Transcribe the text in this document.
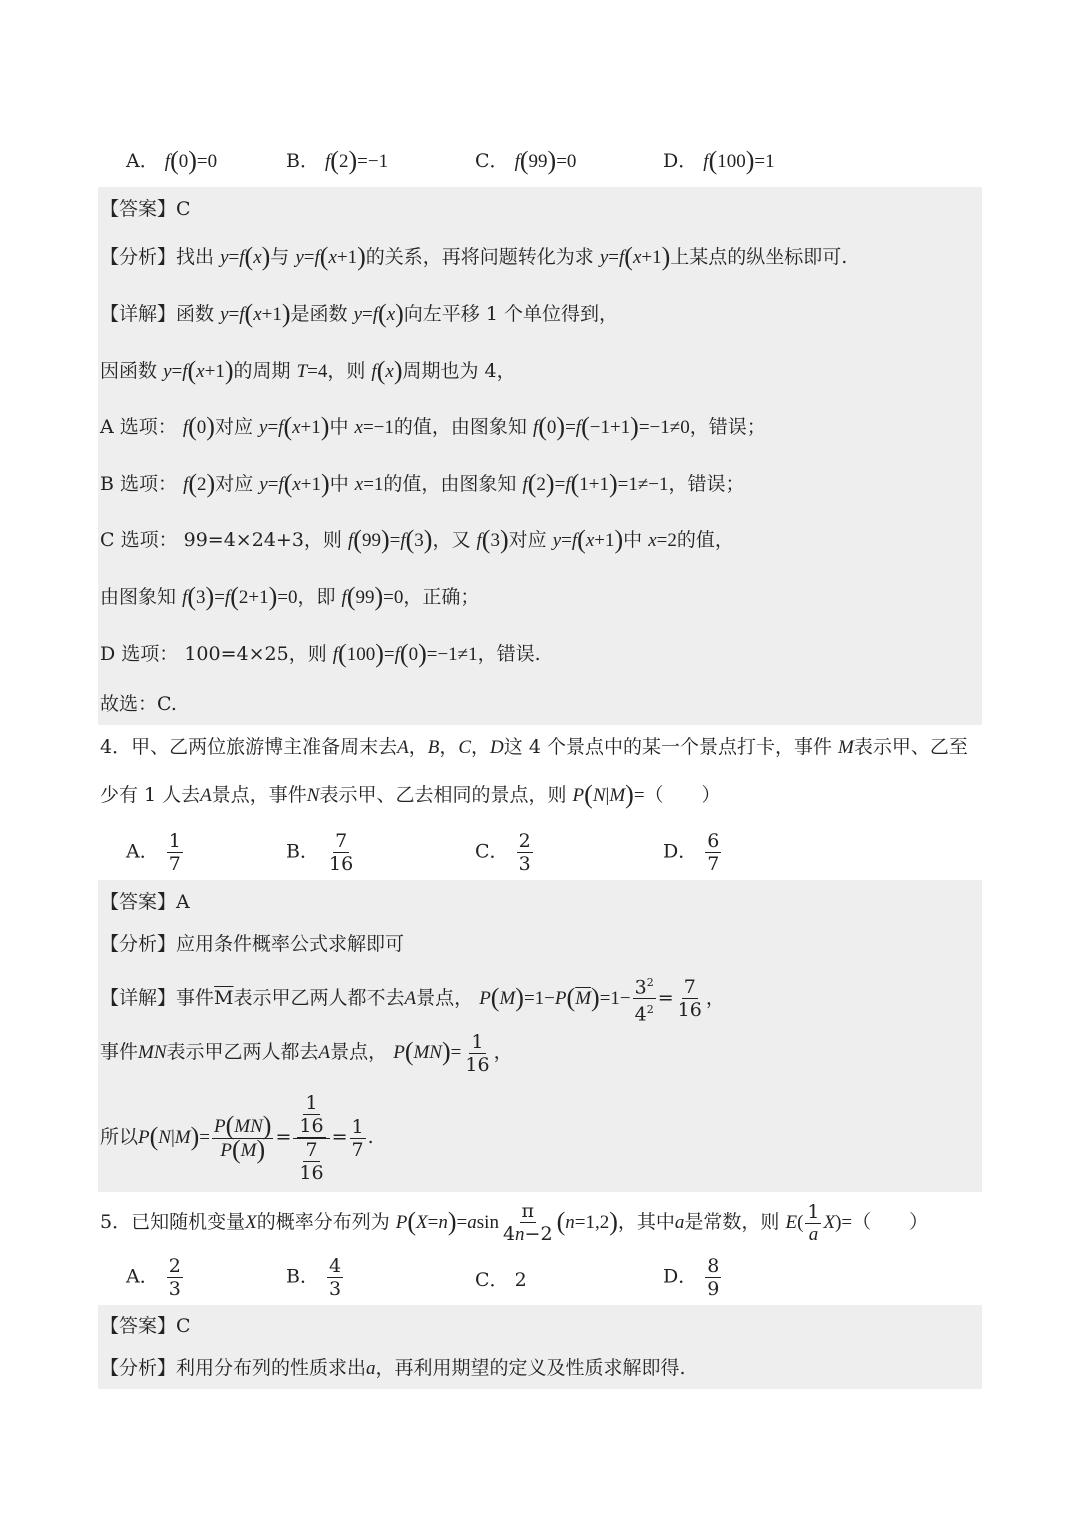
A． f(0)=0	B． f(2)=−1	C． f(99)=0	D． f(100)=1
【答案】C
【分析】找出 y=f(x)与 y=f(x+1)的关系，再将问题转化为求 y=f(x+1)上某点的纵坐标即可.
【详解】函数 y=f(x+1)是函数 y=f(x)向左平移 1 个单位得到，
因函数 y=f(x+1)的周期 T=4，则 f(x)周期也为 4，
A 选项： f(0)对应 y=f(x+1)中 x=−1的值，由图象知 f(0)=f(−1+1)=−1≠0，错误；
B 选项： f(2)对应 y=f(x+1)中 x=1的值，由图象知 f(2)=f(1+1)=1≠−1，错误；
C 选项： 99=4×24+3，则 f(99)=f(3)，又 f(3)对应 y=f(x+1)中 x=2的值，
由图象知 f(3)=f(2+1)=0，即 f(99)=0，正确；
D 选项： 100=4×25，则 f(100)=f(0)=−1≠1，错误.
故选：C.
4．甲、乙两位旅游博主准备周末去A，B，C，D这 4 个景点中的某一个景点打卡，事件 M表示甲、乙至
少有 1 人去A景点，事件N表示甲、乙去相同的景点，则 P(N|M)=（　　）
A． $\frac{1}{7}$	B． $\frac{7}{16}$	C． $\frac{2}{3}$	D． $\frac{6}{7}$
【答案】A
【分析】应用条件概率公式求解即可
【详解】事件$\overline{M}$表示甲乙两人都不去A景点， $P(M)=1-P(\overline{M})=1- \frac{3^2}{4^2} = \frac{7}{16}$ ，
事件MN表示甲乙两人都去A景点， $P(MN)= \frac{1}{16}$ ，
所以$P(N|M)= \frac{P(MN)}{P(M)} = \frac{\frac{1}{16}}{\frac{7}{16}} = \frac{1}{7}$ .
5．已知随机变量X的概率分布列为 $P(X=n)=asin \frac{\pi}{4n-2} (n=1,2)$，其中a是常数，则 $E( \frac{1}{a} X)=$（　　）
A． $\frac{2}{3}$	B． $\frac{4}{3}$	C． 2	D． $\frac{8}{9}$
【答案】C
【分析】利用分布列的性质求出a，再利用期望的定义及性质求解即得.
